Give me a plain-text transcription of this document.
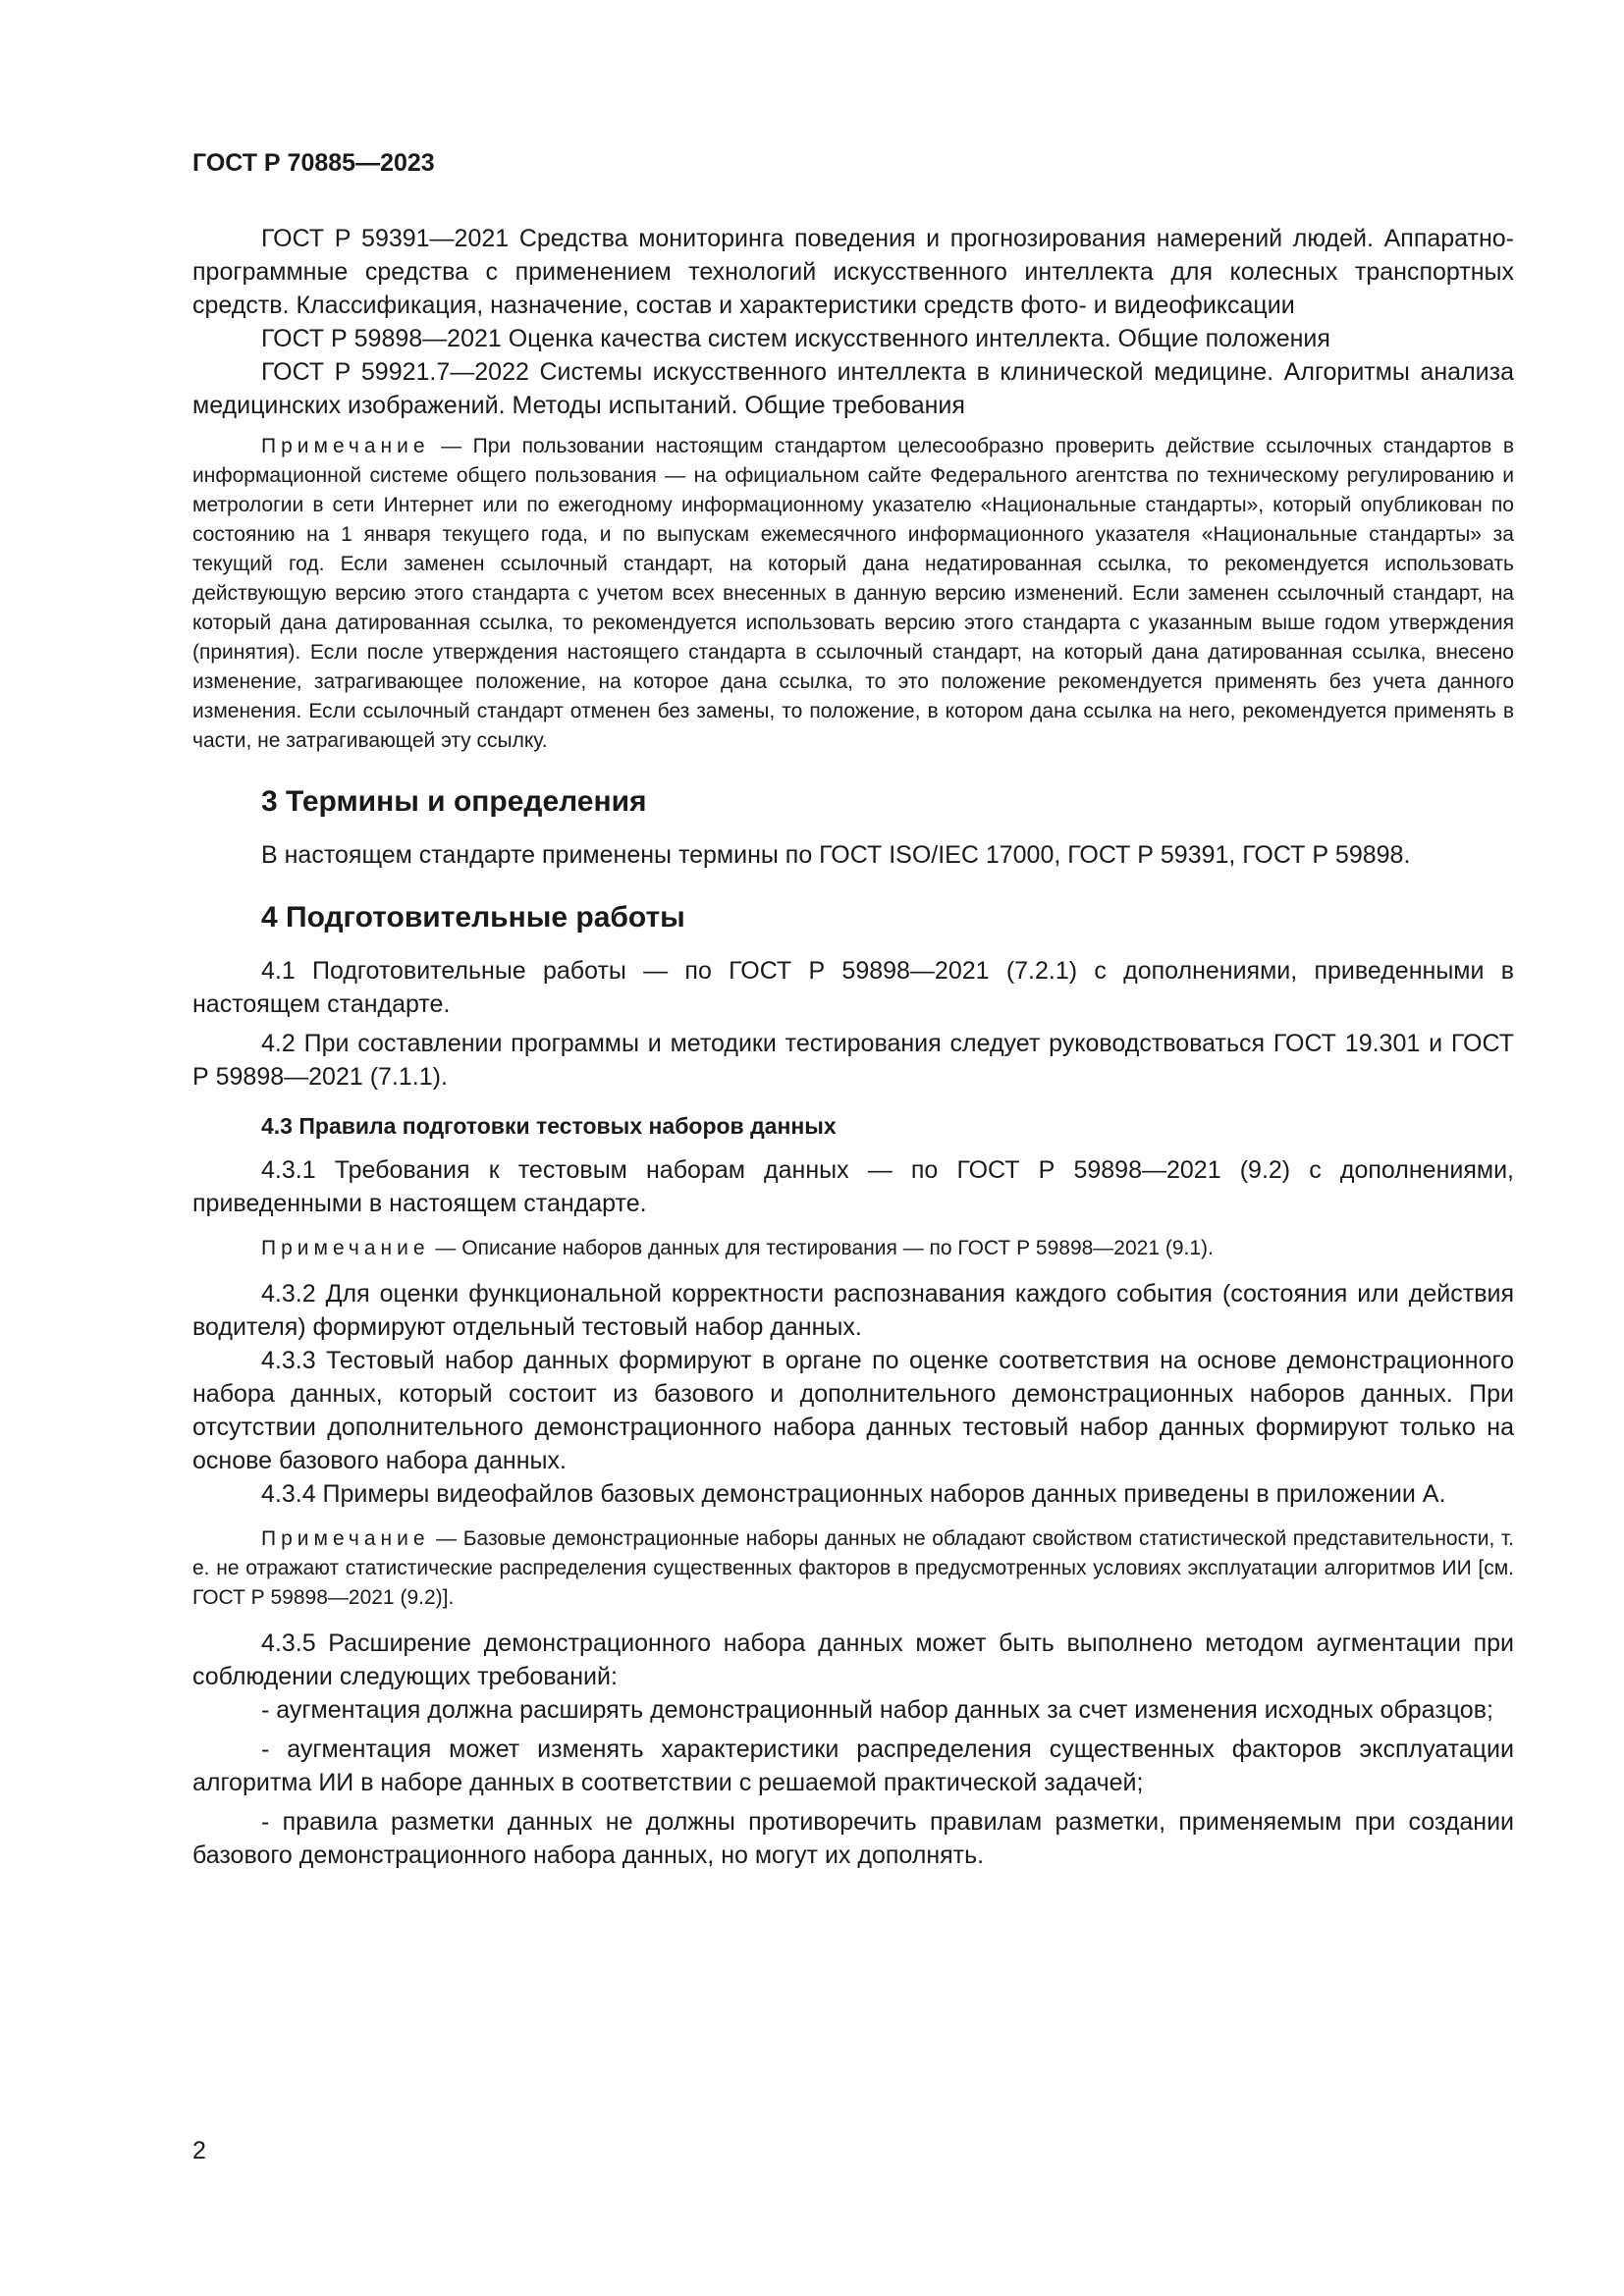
ГОСТ Р 70885—2023

ГОСТ Р 59391—2021 Средства мониторинга поведения и прогнозирования намерений людей. Аппаратно-программные средства с применением технологий искусственного интеллекта для колесных транспортных средств. Классификация, назначение, состав и характеристики средств фото- и видеофиксации

ГОСТ Р 59898—2021 Оценка качества систем искусственного интеллекта. Общие положения

ГОСТ Р 59921.7—2022 Системы искусственного интеллекта в клинической медицине. Алгоритмы анализа медицинских изображений. Методы испытаний. Общие требования

Примечание — При пользовании настоящим стандартом целесообразно проверить действие ссылочных стандартов в информационной системе общего пользования — на официальном сайте Федерального агентства по техническому регулированию и метрологии в сети Интернет или по ежегодному информационному указателю «Национальные стандарты», который опубликован по состоянию на 1 января текущего года, и по выпускам ежемесячного информационного указателя «Национальные стандарты» за текущий год. Если заменен ссылочный стандарт, на который дана недатированная ссылка, то рекомендуется использовать действующую версию этого стандарта с учетом всех внесенных в данную версию изменений. Если заменен ссылочный стандарт, на который дана датированная ссылка, то рекомендуется использовать версию этого стандарта с указанным выше годом утверждения (принятия). Если после утверждения настоящего стандарта в ссылочный стандарт, на который дана датированная ссылка, внесено изменение, затрагивающее положение, на которое дана ссылка, то это положение рекомендуется применять без учета данного изменения. Если ссылочный стандарт отменен без замены, то положение, в котором дана ссылка на него, рекомендуется применять в части, не затрагивающей эту ссылку.

3 Термины и определения

В настоящем стандарте применены термины по ГОСТ ISO/IEC 17000, ГОСТ Р 59391, ГОСТ Р 59898.

4 Подготовительные работы

4.1 Подготовительные работы — по ГОСТ Р 59898—2021 (7.2.1) с дополнениями, приведенными в настоящем стандарте.

4.2 При составлении программы и методики тестирования следует руководствоваться ГОСТ 19.301 и ГОСТ Р 59898—2021 (7.1.1).

4.3 Правила подготовки тестовых наборов данных

4.3.1 Требования к тестовым наборам данных — по ГОСТ Р 59898—2021 (9.2) с дополнениями, приведенными в настоящем стандарте.

Примечание — Описание наборов данных для тестирования — по ГОСТ Р 59898—2021 (9.1).

4.3.2 Для оценки функциональной корректности распознавания каждого события (состояния или действия водителя) формируют отдельный тестовый набор данных.

4.3.3 Тестовый набор данных формируют в органе по оценке соответствия на основе демонстрационного набора данных, который состоит из базового и дополнительного демонстрационных наборов данных. При отсутствии дополнительного демонстрационного набора данных тестовый набор данных формируют только на основе базового набора данных.

4.3.4 Примеры видеофайлов базовых демонстрационных наборов данных приведены в приложении А.

Примечание — Базовые демонстрационные наборы данных не обладают свойством статистической представительности, т. е. не отражают статистические распределения существенных факторов в предусмотренных условиях эксплуатации алгоритмов ИИ [см. ГОСТ Р 59898—2021 (9.2)].

4.3.5 Расширение демонстрационного набора данных может быть выполнено методом аугментации при соблюдении следующих требований:

- аугментация должна расширять демонстрационный набор данных за счет изменения исходных образцов;

- аугментация может изменять характеристики распределения существенных факторов эксплуатации алгоритма ИИ в наборе данных в соответствии с решаемой практической задачей;

- правила разметки данных не должны противоречить правилам разметки, применяемым при создании базового демонстрационного набора данных, но могут их дополнять.

2
